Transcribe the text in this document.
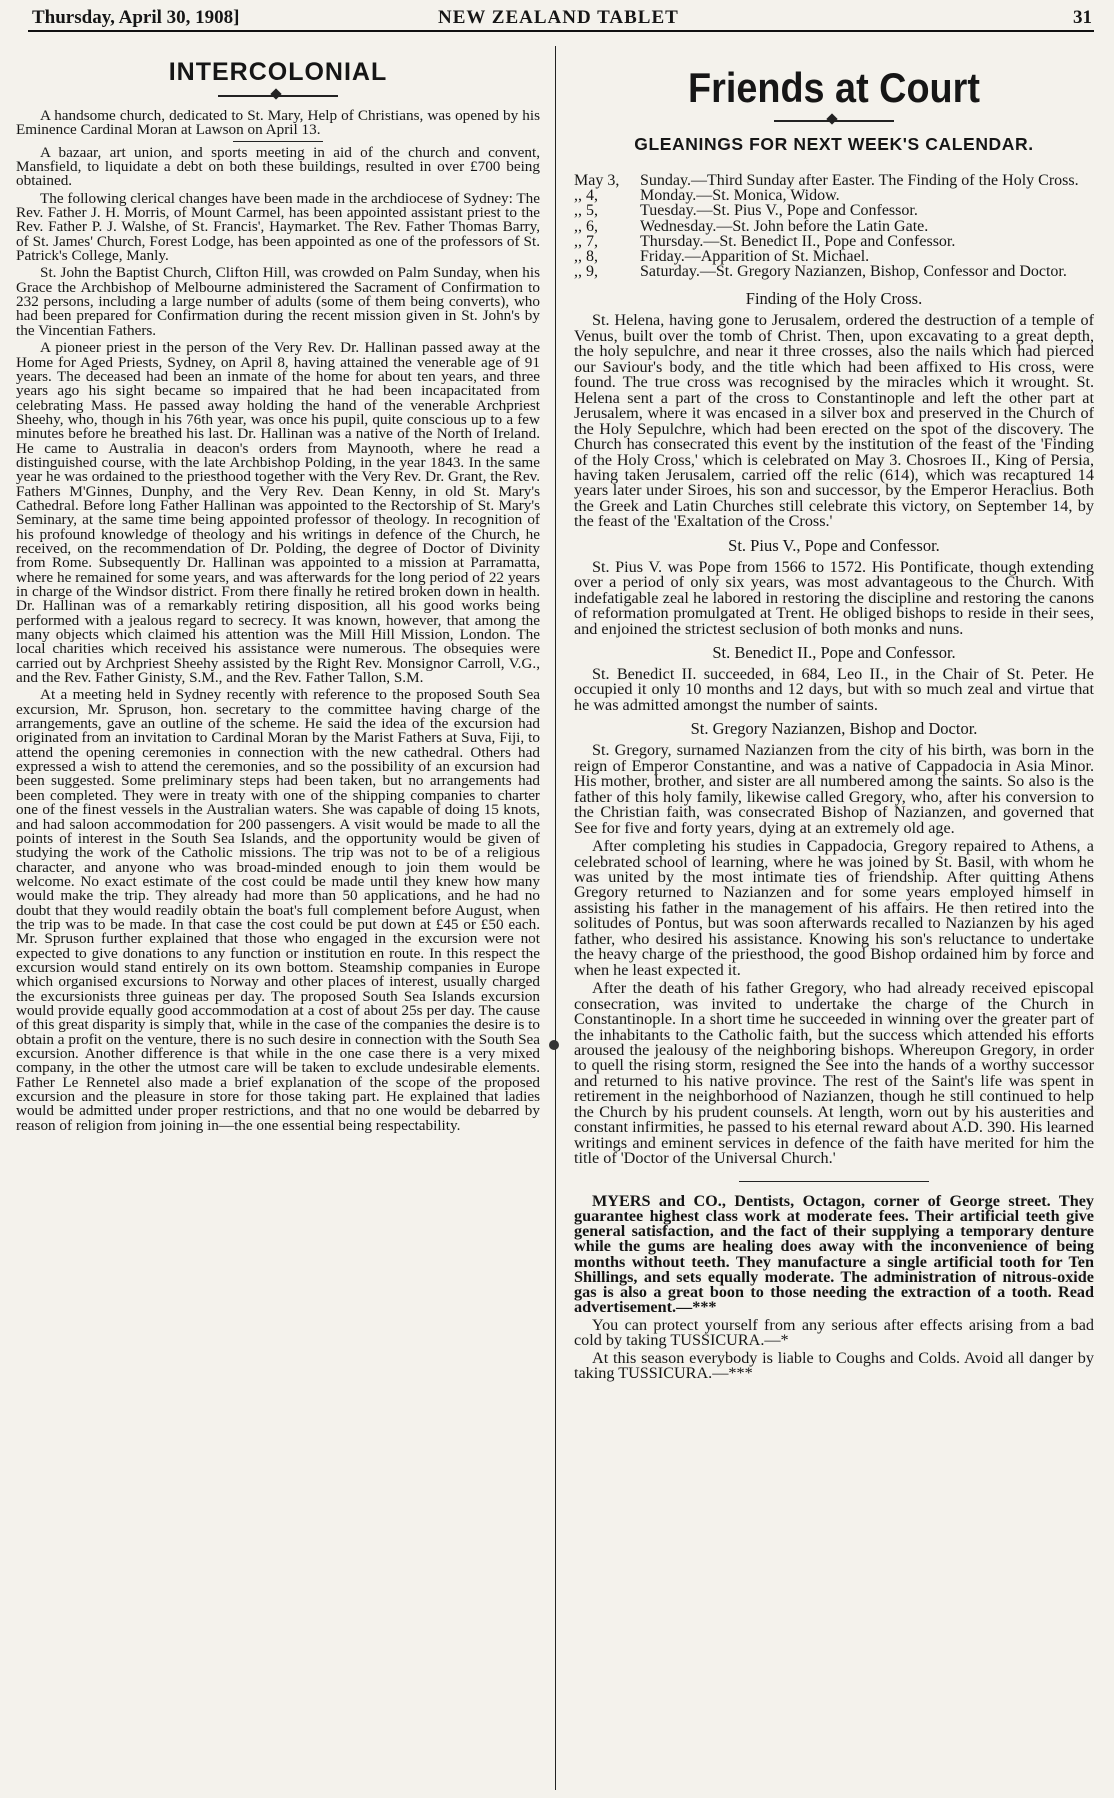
Thursday, April 30, 1908]	NEW ZEALAND TABLET	31
INTERCOLONIAL

A handsome church, dedicated to St. Mary, Help of Christians, was opened by his Eminence Cardinal Moran at Lawson on April 13.

A bazaar, art union, and sports meeting in aid of the church and convent, Mansfield, to liquidate a debt on both these buildings, resulted in over £700 being obtained.

The following clerical changes have been made in the archdiocese of Sydney: The Rev. Father J. H. Morris, of Mount Carmel, has been appointed assistant priest to the Rev. Father P. J. Walshe, of St. Francis', Haymarket. The Rev. Father Thomas Barry, of St. James' Church, Forest Lodge, has been appointed as one of the professors of St. Patrick's College, Manly.

St. John the Baptist Church, Clifton Hill, was crowded on Palm Sunday, when his Grace the Archbishop of Melbourne administered the Sacrament of Confirmation to 232 persons, including a large number of adults (some of them being converts), who had been prepared for Confirmation during the recent mission given in St. John's by the Vincentian Fathers.

A pioneer priest in the person of the Very Rev. Dr. Hallinan passed away at the Home for Aged Priests, Sydney, on April 8, having attained the venerable age of 91 years. The deceased had been an inmate of the home for about ten years, and three years ago his sight became so impaired that he had been incapacitated from celebrating Mass. He passed away holding the hand of the venerable Archpriest Sheehy, who, though in his 76th year, was once his pupil, quite conscious up to a few minutes before he breathed his last. Dr. Hallinan was a native of the North of Ireland. He came to Australia in deacon's orders from Maynooth, where he read a distinguished course, with the late Archbishop Polding, in the year 1843. In the same year he was ordained to the priesthood together with the Very Rev. Dr. Grant, the Rev. Fathers M'Ginnes, Dunphy, and the Very Rev. Dean Kenny, in old St. Mary's Cathedral. Before long Father Hallinan was appointed to the Rectorship of St. Mary's Seminary, at the same time being appointed professor of theology. In recognition of his profound knowledge of theology and his writings in defence of the Church, he received, on the recommendation of Dr. Polding, the degree of Doctor of Divinity from Rome. Subsequently Dr. Hallinan was appointed to a mission at Parramatta, where he remained for some years, and was afterwards for the long period of 22 years in charge of the Windsor district. From there finally he retired broken down in health. Dr. Hallinan was of a remarkably retiring disposition, all his good works being performed with a jealous regard to secrecy. It was known, however, that among the many objects which claimed his attention was the Mill Hill Mission, London. The local charities which received his assistance were numerous. The obsequies were carried out by Archpriest Sheehy assisted by the Right Rev. Monsignor Carroll, V.G., and the Rev. Father Ginisty, S.M., and the Rev. Father Tallon, S.M.

At a meeting held in Sydney recently with reference to the proposed South Sea excursion, Mr. Spruson, hon. secretary to the committee having charge of the arrangements, gave an outline of the scheme. He said the idea of the excursion had originated from an invitation to Cardinal Moran by the Marist Fathers at Suva, Fiji, to attend the opening ceremonies in connection with the new cathedral. Others had expressed a wish to attend the ceremonies, and so the possibility of an excursion had been suggested. Some preliminary steps had been taken, but no arrangements had been completed. They were in treaty with one of the shipping companies to charter one of the finest vessels in the Australian waters. She was capable of doing 15 knots, and had saloon accommodation for 200 passengers. A visit would be made to all the points of interest in the South Sea Islands, and the opportunity would be given of studying the work of the Catholic missions. The trip was not to be of a religious character, and anyone who was broad-minded enough to join them would be welcome. No exact estimate of the cost could be made until they knew how many would make the trip. They already had more than 50 applications, and he had no doubt that they would readily obtain the boat's full complement before August, when the trip was to be made. In that case the cost could be put down at £45 or £50 each. Mr. Spruson further explained that those who engaged in the excursion were not expected to give donations to any function or institution en route. In this respect the excursion would stand entirely on its own bottom. Steamship companies in Europe which organised excursions to Norway and other places of interest, usually charged the excursionists three guineas per day. The proposed South Sea Islands excursion would provide equally good accommodation at a cost of about 25s per day. The cause of this great disparity is simply that, while in the case of the companies the desire is to obtain a profit on the venture, there is no such desire in connection with the South Sea excursion. Another difference is that while in the one case there is a very mixed company, in the other the utmost care will be taken to exclude undesirable elements. Father Le Rennetel also made a brief explanation of the scope of the proposed excursion and the pleasure in store for those taking part. He explained that ladies would be admitted under proper restrictions, and that no one would be debarred by reason of religion from joining in—the one essential being respectability.

Friends at Court
GLEANINGS FOR NEXT WEEK'S CALENDAR.
May 3,	Sunday.—Third Sunday after Easter. The Finding of the Holy Cross.
,, 4,	Monday.—St. Monica, Widow.
,, 5,	Tuesday.—St. Pius V., Pope and Confessor.
,, 6,	Wednesday.—St. John before the Latin Gate.
,, 7,	Thursday.—St. Benedict II., Pope and Confessor.
,, 8,	Friday.—Apparition of St. Michael.
,, 9,	Saturday.—St. Gregory Nazianzen, Bishop, Confessor and Doctor.
Finding of the Holy Cross.

St. Helena, having gone to Jerusalem, ordered the destruction of a temple of Venus, built over the tomb of Christ. Then, upon excavating to a great depth, the holy sepulchre, and near it three crosses, also the nails which had pierced our Saviour's body, and the title which had been affixed to His cross, were found. The true cross was recognised by the miracles which it wrought. St. Helena sent a part of the cross to Constantinople and left the other part at Jerusalem, where it was encased in a silver box and preserved in the Church of the Holy Sepulchre, which had been erected on the spot of the discovery. The Church has consecrated this event by the institution of the feast of the 'Finding of the Holy Cross,' which is celebrated on May 3. Chosroes II., King of Persia, having taken Jerusalem, carried off the relic (614), which was recaptured 14 years later under Siroes, his son and successor, by the Emperor Heraclius. Both the Greek and Latin Churches still celebrate this victory, on September 14, by the feast of the 'Exaltation of the Cross.'

St. Pius V., Pope and Confessor.

St. Pius V. was Pope from 1566 to 1572. His Pontificate, though extending over a period of only six years, was most advantageous to the Church. With indefatigable zeal he labored in restoring the discipline and restoring the canons of reformation promulgated at Trent. He obliged bishops to reside in their sees, and enjoined the strictest seclusion of both monks and nuns.

St. Benedict II., Pope and Confessor.

St. Benedict II. succeeded, in 684, Leo II., in the Chair of St. Peter. He occupied it only 10 months and 12 days, but with so much zeal and virtue that he was admitted amongst the number of saints.

St. Gregory Nazianzen, Bishop and Doctor.

St. Gregory, surnamed Nazianzen from the city of his birth, was born in the reign of Emperor Constantine, and was a native of Cappadocia in Asia Minor. His mother, brother, and sister are all numbered among the saints. So also is the father of this holy family, likewise called Gregory, who, after his conversion to the Christian faith, was consecrated Bishop of Nazianzen, and governed that See for five and forty years, dying at an extremely old age.

After completing his studies in Cappadocia, Gregory repaired to Athens, a celebrated school of learning, where he was joined by St. Basil, with whom he was united by the most intimate ties of friendship. After quitting Athens Gregory returned to Nazianzen and for some years employed himself in assisting his father in the management of his affairs. He then retired into the solitudes of Pontus, but was soon afterwards recalled to Nazianzen by his aged father, who desired his assistance. Knowing his son's reluctance to undertake the heavy charge of the priesthood, the good Bishop ordained him by force and when he least expected it.

After the death of his father Gregory, who had already received episcopal consecration, was invited to undertake the charge of the Church in Constantinople. In a short time he succeeded in winning over the greater part of the inhabitants to the Catholic faith, but the success which attended his efforts aroused the jealousy of the neighboring bishops. Whereupon Gregory, in order to quell the rising storm, resigned the See into the hands of a worthy successor and returned to his native province. The rest of the Saint's life was spent in retirement in the neighborhood of Nazianzen, though he still continued to help the Church by his prudent counsels. At length, worn out by his austerities and constant infirmities, he passed to his eternal reward about A.D. 390. His learned writings and eminent services in defence of the faith have merited for him the title of 'Doctor of the Universal Church.'

MYERS and CO., Dentists, Octagon, corner of George street. They guarantee highest class work at moderate fees. Their artificial teeth give general satisfaction, and the fact of their supplying a temporary denture while the gums are healing does away with the inconvenience of being months without teeth. They manufacture a single artificial tooth for Ten Shillings, and sets equally moderate. The administration of nitrous-oxide gas is also a great boon to those needing the extraction of a tooth. Read advertisement.—***

You can protect yourself from any serious after effects arising from a bad cold by taking TUSSICURA.—*

At this season everybody is liable to Coughs and Colds. Avoid all danger by taking TUSSICURA.—***
